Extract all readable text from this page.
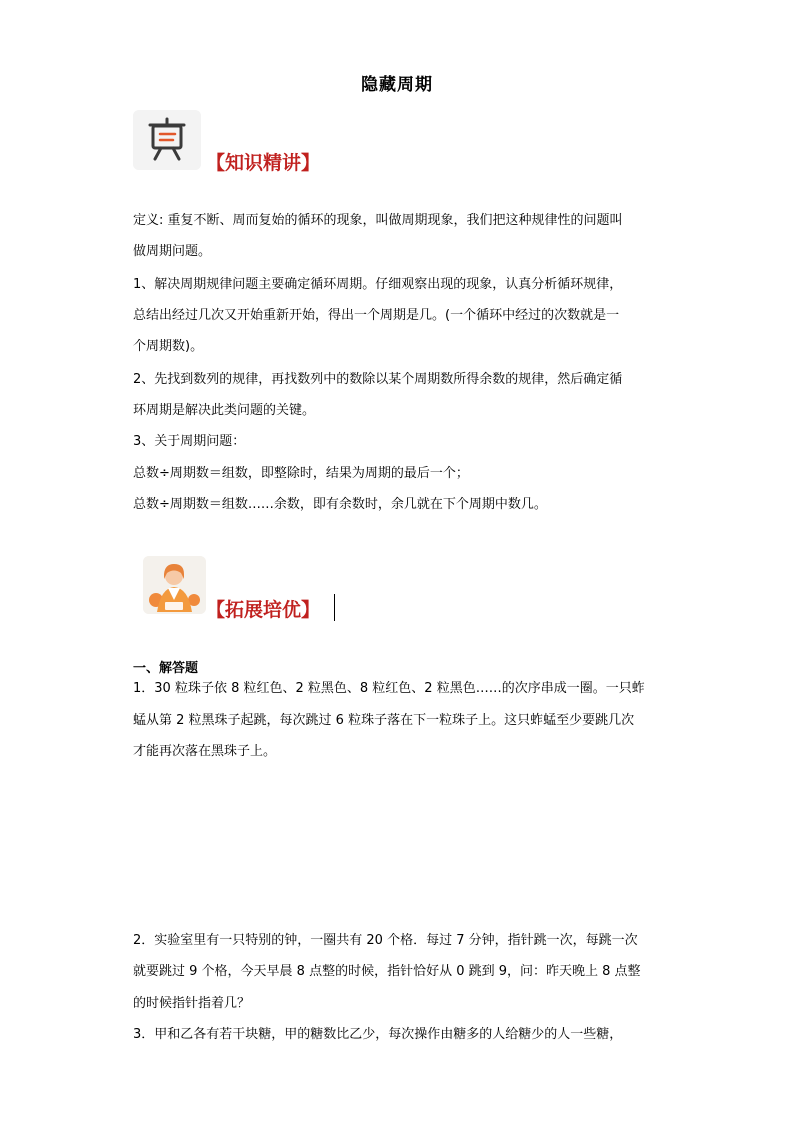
隐藏周期
【知识精讲】
定义: 重复不断、周而复始的循环的现象，叫做周期现象，我们把这种规律性的问题叫
做周期问题。
1、解决周期规律问题主要确定循环周期。仔细观察出现的现象，认真分析循环规律，
总结出经过几次又开始重新开始，得出一个周期是几。(一个循环中经过的次数就是一
个周期数)。
2、先找到数列的规律，再找数列中的数除以某个周期数所得余数的规律，然后确定循
环周期是解决此类问题的关键。
3、关于周期问题：
总数÷周期数＝组数，即整除时，结果为周期的最后一个；
总数÷周期数＝组数……余数，即有余数时，余几就在下个周期中数几。
【拓展培优】
一、解答题
1．30 粒珠子依 8 粒红色、2 粒黑色、8 粒红色、2 粒黑色……的次序串成一圈。一只蚱
蜢从第 2 粒黑珠子起跳，每次跳过 6 粒珠子落在下一粒珠子上。这只蚱蜢至少要跳几次
才能再次落在黑珠子上。
2．实验室里有一只特别的钟，一圈共有 20 个格．每过 7 分钟，指针跳一次，每跳一次
就要跳过 9 个格，今天早晨 8 点整的时候，指针恰好从 0 跳到 9，问：昨天晚上 8 点整
的时候指针指着几？
3．甲和乙各有若干块糖，甲的糖数比乙少，每次操作由糖多的人给糖少的人一些糖，
